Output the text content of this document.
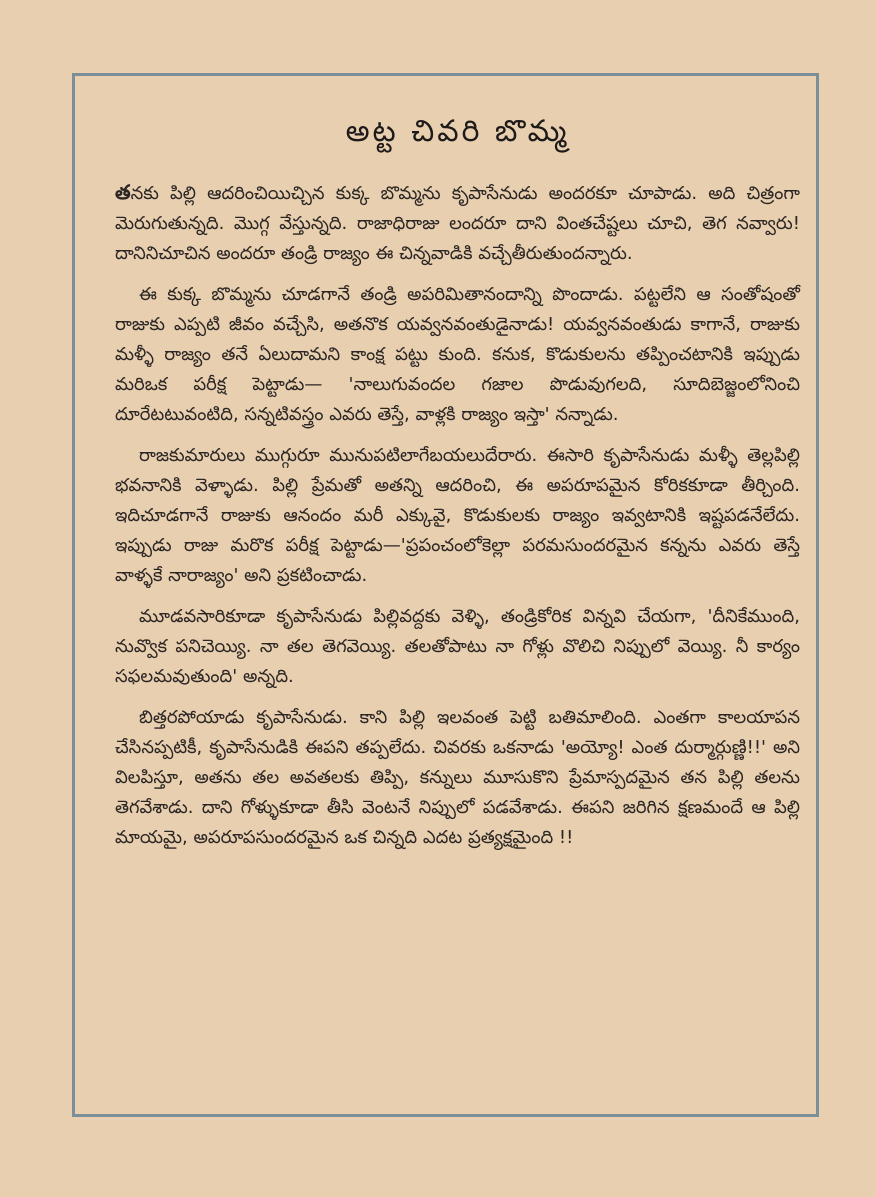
అట్ట చివరి బొమ్మ

తనకు పిల్లి ఆదరించియిచ్చిన కుక్క బొమ్మను కృపాసేనుడు అందరకూ చూపాడు. అది చిత్రంగా మెరుగుతున్నది. మొగ్గ వేస్తున్నది. రాజాధిరాజు లందరూ దాని వింతచేష్టలు చూచి, తెగ నవ్వారు! దానినిచూచిన అందరూ తండ్రి రాజ్యం ఈ చిన్నవాడికి వచ్చేతీరుతుందన్నారు.

ఈ కుక్క బొమ్మను చూడగానే తండ్రి అపరిమితానందాన్ని పొందాడు. పట్టలేని ఆ సంతోషంతో రాజుకు ఎప్పటి జీవం వచ్చేసి, అతనొక యవ్వనవంతుడైనాడు! యవ్వనవంతుడు కాగానే, రాజుకు మళ్ళీ రాజ్యం తనే ఏలుదామని కాంక్ష పట్టు కుంది. కనుక, కొడుకులను తప్పించటానికి ఇప్పుడు మరిఒక పరీక్ష పెట్టాడు— 'నాలుగువందల గజాల పొడువుగలది, సూదిబెజ్జంలోనించి దూరేటటువంటిది, సన్నటివస్త్రం ఎవరు తెస్తే, వాళ్లకి రాజ్యం ఇస్తా' నన్నాడు.

రాజకుమారులు ముగ్గురూ మునుపటిలాగేబయలుదేరారు. ఈసారి కృపాసేనుడు మళ్ళీ తెల్లపిల్లి భవనానికి వెళ్ళాడు. పిల్లి ప్రేమతో అతన్ని ఆదరించి, ఈ అపరూపమైన కోరికకూడా తీర్చింది. ఇదిచూడగానే రాజుకు ఆనందం మరీ ఎక్కువై, కొడుకులకు రాజ్యం ఇవ్వటానికి ఇష్టపడనేలేదు. ఇప్పుడు రాజు మరొక పరీక్ష పెట్టాడు—'ప్రపంచంలోకెల్లా పరమసుందరమైన కన్నను ఎవరు తెస్తే వాళ్ళకే నారాజ్యం' అని ప్రకటించాడు.

మూడవసారికూడా కృపాసేనుడు పిల్లివద్దకు వెళ్ళి, తండ్రికోరిక విన్నవి చేయగా, 'దీనికేముంది, నువ్వొక పనిచెయ్యి. నా తల తెగవెయ్యి. తలతోపాటు నా గోళ్లు వొలిచి నిప్పులో వెయ్యి. నీ కార్యం సఫలమవుతుంది' అన్నది.

బిత్తరపోయాడు కృపాసేనుడు. కాని పిల్లి ఇలవంత పెట్టి బతిమాలింది. ఎంతగా కాలయాపన చేసినప్పటికీ, కృపాసేనుడికి ఈపని తప్పలేదు. చివరకు ఒకనాడు 'అయ్యో! ఎంత దుర్మార్గుణ్ణి!!' అని విలపిస్తూ, అతను తల అవతలకు తిప్పి, కన్నులు మూసుకొని ప్రేమాస్పదమైన తన పిల్లి తలను తెగవేశాడు. దాని గోళ్ళుకూడా తీసి వెంటనే నిప్పులో పడవేశాడు. ఈపని జరిగిన క్షణమందే ఆ పిల్లి మాయమై, అపరూపసుందరమైన ఒక చిన్నది ఎదట ప్రత్యక్షమైంది !!
